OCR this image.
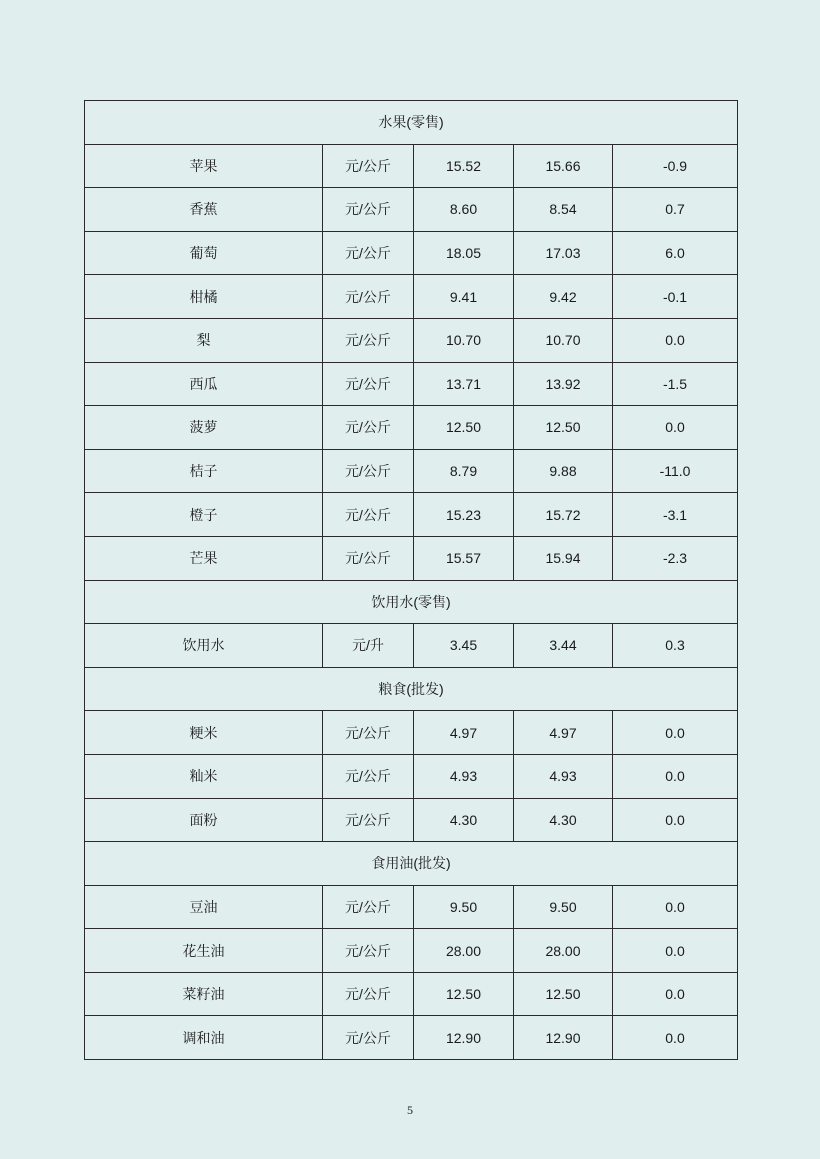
水果(零售)				
苹果	元/公斤	15.52	15.66	-0.9
香蕉	元/公斤	8.60	8.54	0.7
葡萄	元/公斤	18.05	17.03	6.0
柑橘	元/公斤	9.41	9.42	-0.1
梨	元/公斤	10.70	10.70	0.0
西瓜	元/公斤	13.71	13.92	-1.5
菠萝	元/公斤	12.50	12.50	0.0
桔子	元/公斤	8.79	9.88	-11.0
橙子	元/公斤	15.23	15.72	-3.1
芒果	元/公斤	15.57	15.94	-2.3
饮用水(零售)				
饮用水	元/升	3.45	3.44	0.3
粮食(批发)				
粳米	元/公斤	4.97	4.97	0.0
籼米	元/公斤	4.93	4.93	0.0
面粉	元/公斤	4.30	4.30	0.0
食用油(批发)				
豆油	元/公斤	9.50	9.50	0.0
花生油	元/公斤	28.00	28.00	0.0
菜籽油	元/公斤	12.50	12.50	0.0
调和油	元/公斤	12.90	12.90	0.0
5
